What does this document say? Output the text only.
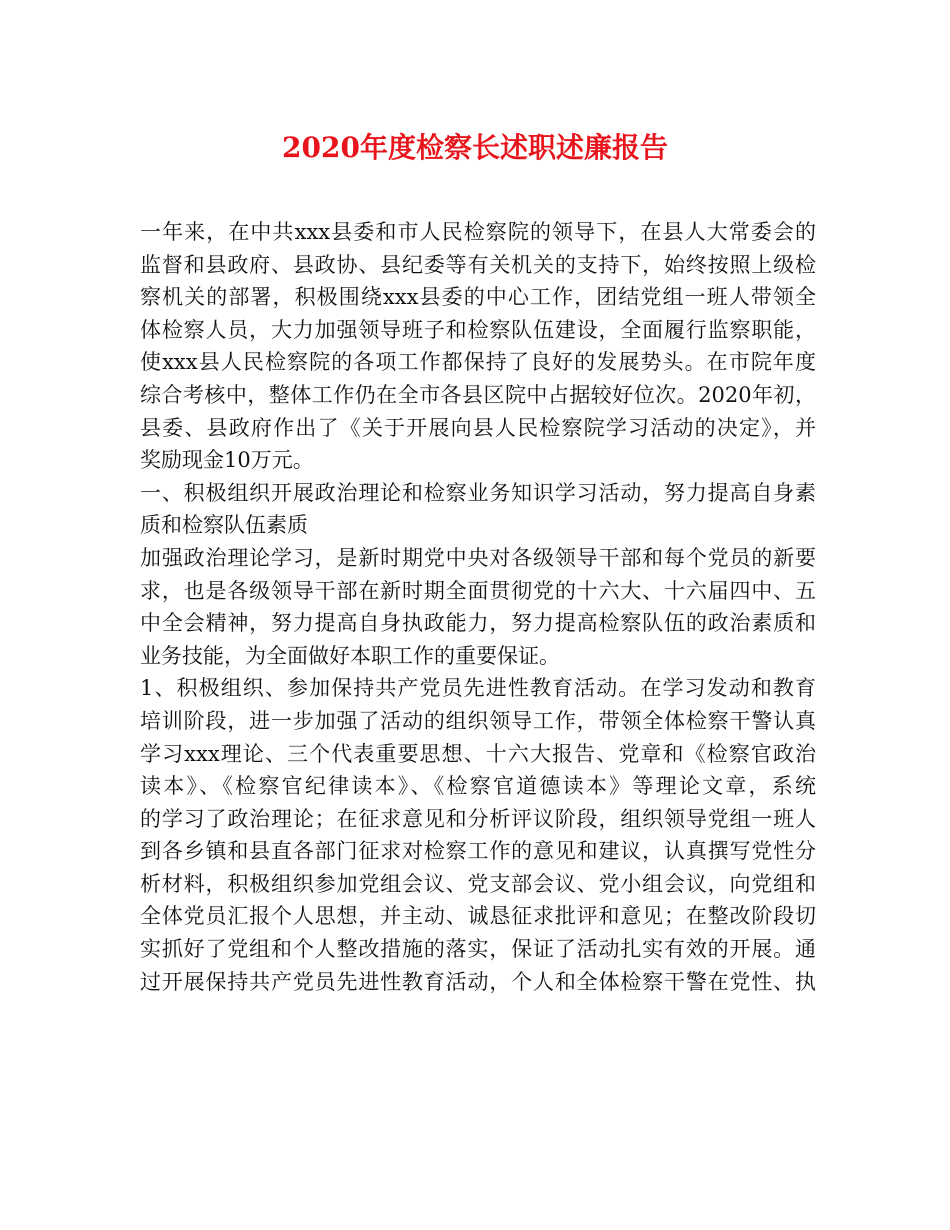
2020年度检察长述职述廉报告
一年来，在中共xxx县委和市人民检察院的领导下，在县人大常委会的
监督和县政府、县政协、县纪委等有关机关的支持下，始终按照上级检
察机关的部署，积极围绕xxx县委的中心工作，团结党组一班人带领全
体检察人员，大力加强领导班子和检察队伍建设，全面履行监察职能，
使xxx县人民检察院的各项工作都保持了良好的发展势头。在市院年度
综合考核中，整体工作仍在全市各县区院中占据较好位次。2020年初，
县委、县政府作出了《关于开展向县人民检察院学习活动的决定》，并
奖励现金10万元。
一、积极组织开展政治理论和检察业务知识学习活动，努力提高自身素
质和检察队伍素质
加强政治理论学习，是新时期党中央对各级领导干部和每个党员的新要
求，也是各级领导干部在新时期全面贯彻党的十六大、十六届四中、五
中全会精神，努力提高自身执政能力，努力提高检察队伍的政治素质和
业务技能，为全面做好本职工作的重要保证。
1、积极组织、参加保持共产党员先进性教育活动。在学习发动和教育
培训阶段，进一步加强了活动的组织领导工作，带领全体检察干警认真
学习xxx理论、三个代表重要思想、十六大报告、党章和《检察官政治
读本》、《检察官纪律读本》、《检察官道德读本》等理论文章，系统
的学习了政治理论；在征求意见和分析评议阶段，组织领导党组一班人
到各乡镇和县直各部门征求对检察工作的意见和建议，认真撰写党性分
析材料，积极组织参加党组会议、党支部会议、党小组会议，向党组和
全体党员汇报个人思想，并主动、诚恳征求批评和意见；在整改阶段切
实抓好了党组和个人整改措施的落实，保证了活动扎实有效的开展。通
过开展保持共产党员先进性教育活动，个人和全体检察干警在党性、执
